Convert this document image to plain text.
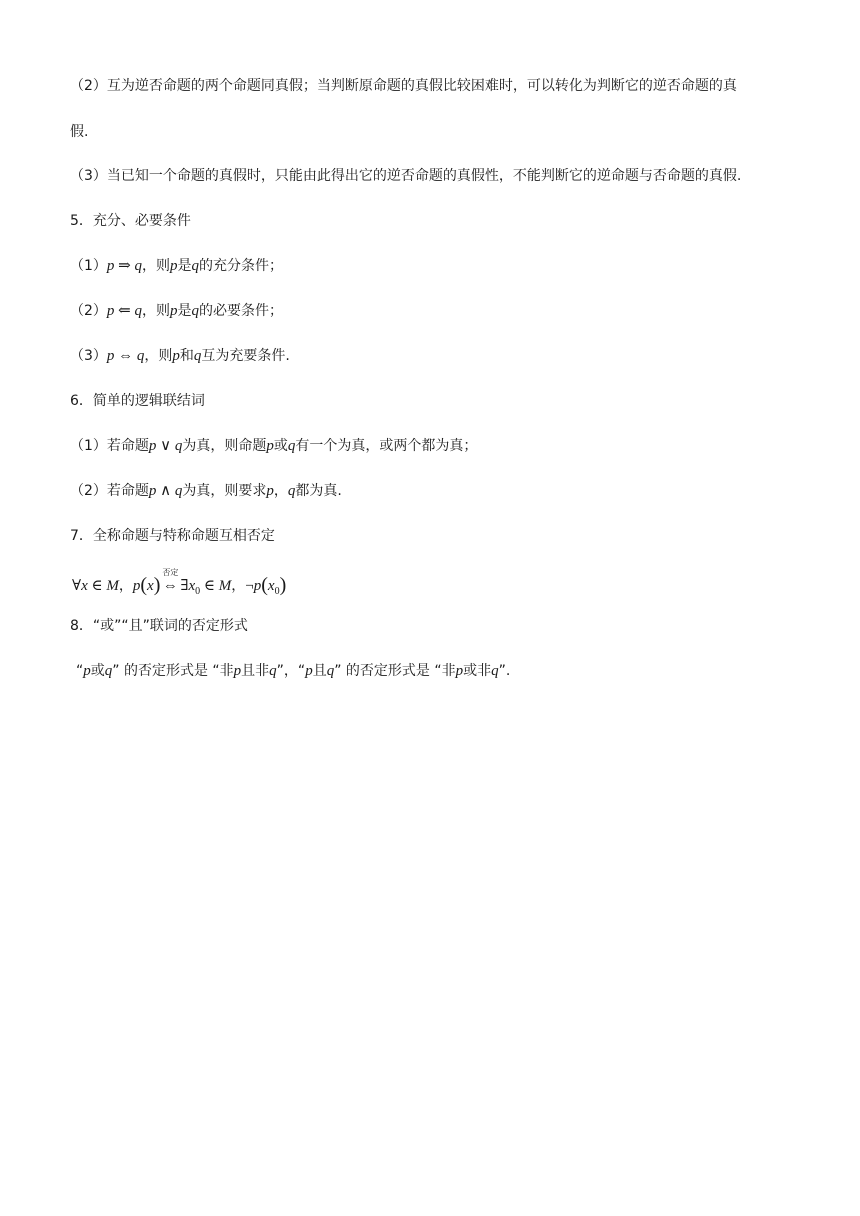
（2）互为逆否命题的两个命题同真假；当判断原命题的真假比较困难时，可以转化为判断它的逆否命题的真
假.
（3）当已知一个命题的真假时，只能由此得出它的逆否命题的真假性，不能判断它的逆命题与否命题的真假.
5．充分、必要条件
（1）p ⇒ q，则p是q的充分条件；
（2）p ⇐ q，则p是q的必要条件；
（3）p ⇔ q，则p和q互为充要条件.
6．简单的逻辑联结词
（1）若命题p ∨ q为真，则命题p或q有一个为真，或两个都为真；
（2）若命题p ∧ q为真，则要求p，q都为真.
7．全称命题与特称命题互相否定
∀x ∈ M，p(x)
否定
⇔ $\exists x_0$ ∈ M，$\neg p(x_0)$
8．“或”“且”联词的否定形式
“p或q” 的否定形式是 “非p且非q”，“p且q” 的否定形式是 “非p或非q”.
